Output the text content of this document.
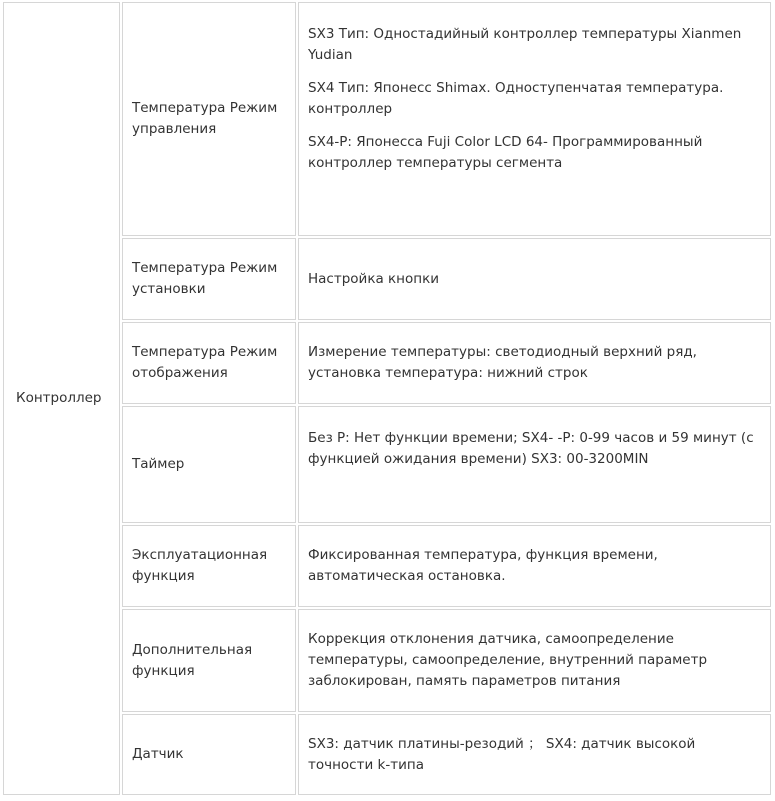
Контроллер	Температура Режим управления	SX3 Тип: Одностадийный контроллер температуры Xianmen Yudian

SX4 Тип: Японесс Shimax. Одноступенчатая температура. контроллер

SX4-P: Японесса Fuji Color LCD 64- Программированный контроллер температуры сегмента

	Температура Режим установки	Настройка кнопки
	Температура Режим отображения	Измерение температуры: светодиодный верхний ряд, установка температура: нижний строк
	Таймер	Без P: Нет функции времени; SX4- -P: 0-99 часов и 59 минут (с функцией ожидания времени) SX3: 00-3200MIN
	Эксплуатационная функция	Фиксированная температура, функция времени, автоматическая остановка.
	Дополнительная функция	Коррекция отклонения датчика, самоопределение температуры, самоопределение, внутренний параметр заблокирован, память параметров питания
	Датчик	SX3: датчик платины-резодий ； SX4: датчик высокой точности k-типа
